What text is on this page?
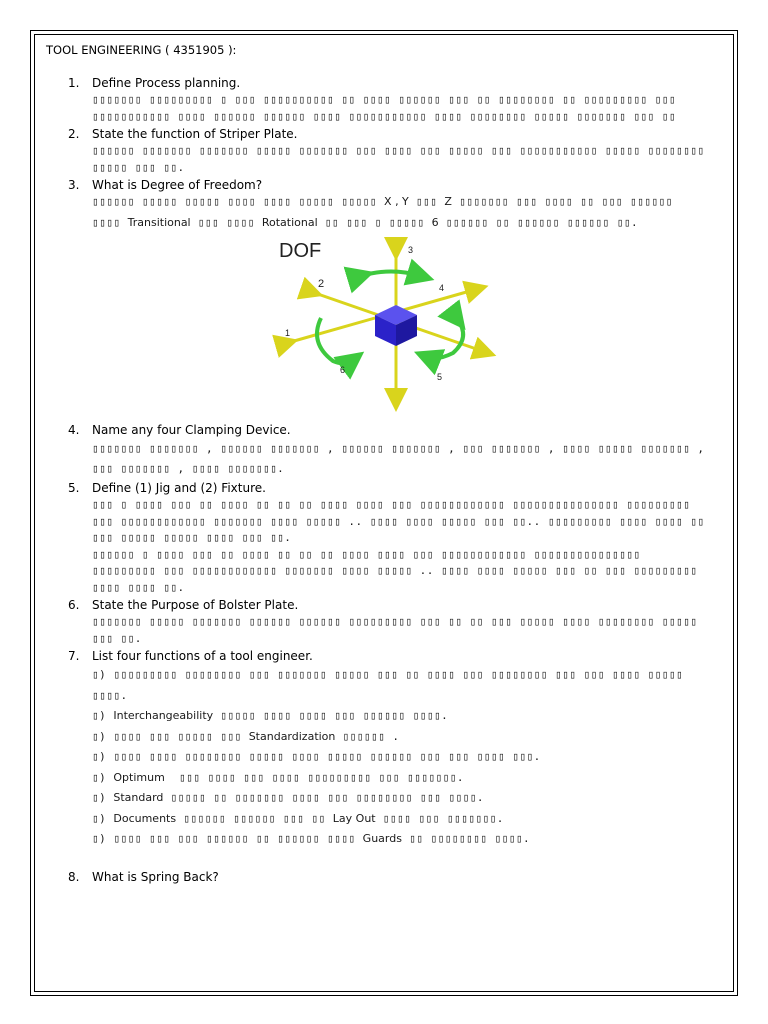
TOOL ENGINEERING ( 4351905 ):
1. Define Process planning.
▯▯▯▯▯▯▯ ▯▯▯▯▯▯▯▯▯ ▯ ▯▯▯ ▯▯▯▯▯▯▯▯▯▯ ▯▯ ▯▯▯▯ ▯▯▯▯▯▯ ▯▯▯ ▯▯ ▯▯▯▯▯▯▯▯ ▯▯ ▯▯▯▯▯▯▯▯▯ ▯▯▯ ▯▯▯▯▯▯▯▯▯▯▯ ▯▯▯▯ ▯▯▯▯▯▯ ▯▯▯▯▯▯ ▯▯▯▯ ▯▯▯▯▯▯▯▯▯▯▯ ▯▯▯▯ ▯▯▯▯▯▯▯▯ ▯▯▯▯▯ ▯▯▯▯▯▯▯ ▯▯▯ ▯▯
2. State the function of Striper Plate.
▯▯▯▯▯▯ ▯▯▯▯▯▯▯ ▯▯▯▯▯▯▯ ▯▯▯▯▯ ▯▯▯▯▯▯▯ ▯▯▯ ▯▯▯▯ ▯▯▯ ▯▯▯▯▯ ▯▯▯ ▯▯▯▯▯▯▯▯▯▯▯ ▯▯▯▯▯ ▯▯▯▯▯▯▯▯ ▯▯▯▯▯ ▯▯▯ ▯▯.
3. What is Degree of Freedom?
▯▯▯▯▯▯ ▯▯▯▯▯ ▯▯▯▯▯ ▯▯▯▯ ▯▯▯▯ ▯▯▯▯▯ ▯▯▯▯▯ X , Y ▯▯▯ Z ▯▯▯▯▯▯▯ ▯▯▯ ▯▯▯▯ ▯▯ ▯▯▯ ▯▯▯▯▯▯
▯▯▯▯ Transitional ▯▯▯ ▯▯▯▯ Rotational ▯▯ ▯▯▯ ▯ ▯▯▯▯▯ 6 ▯▯▯▯▯▯ ▯▯ ▯▯▯▯▯▯ ▯▯▯▯▯▯ ▯▯.
DOF	3
2	4
1
6
5
4. Name any four Clamping Device.
▯▯▯▯▯▯▯ ▯▯▯▯▯▯▯ , ▯▯▯▯▯▯ ▯▯▯▯▯▯▯ , ▯▯▯▯▯▯ ▯▯▯▯▯▯▯ , ▯▯▯ ▯▯▯▯▯▯▯ , ▯▯▯▯ ▯▯▯▯▯ ▯▯▯▯▯▯▯ , ▯▯▯ ▯▯▯▯▯▯▯ , ▯▯▯▯ ▯▯▯▯▯▯▯.
5. Define (1) Jig and (2) Fixture.
▯▯▯ ▯ ▯▯▯▯ ▯▯▯ ▯▯ ▯▯▯▯ ▯▯ ▯▯ ▯▯ ▯▯▯▯ ▯▯▯▯ ▯▯▯ ▯▯▯▯▯▯▯▯▯▯▯▯ ▯▯▯▯▯▯▯▯▯▯▯▯▯▯▯ ▯▯▯▯▯▯▯▯▯ ▯▯▯ ▯▯▯▯▯▯▯▯▯▯▯▯ ▯▯▯▯▯▯▯ ▯▯▯▯ ▯▯▯▯▯ .. ▯▯▯▯ ▯▯▯▯ ▯▯▯▯▯ ▯▯▯ ▯▯.. ▯▯▯▯▯▯▯▯▯ ▯▯▯▯ ▯▯▯▯ ▯▯ ▯▯▯ ▯▯▯▯▯ ▯▯▯▯▯ ▯▯▯▯ ▯▯▯ ▯▯.
▯▯▯▯▯▯ ▯ ▯▯▯▯ ▯▯▯ ▯▯ ▯▯▯▯ ▯▯ ▯▯ ▯▯ ▯▯▯▯ ▯▯▯▯ ▯▯▯ ▯▯▯▯▯▯▯▯▯▯▯▯ ▯▯▯▯▯▯▯▯▯▯▯▯▯▯▯ ▯▯▯▯▯▯▯▯▯ ▯▯▯ ▯▯▯▯▯▯▯▯▯▯▯▯ ▯▯▯▯▯▯▯ ▯▯▯▯ ▯▯▯▯▯ .. ▯▯▯▯ ▯▯▯▯ ▯▯▯▯▯ ▯▯▯ ▯▯ ▯▯▯ ▯▯▯▯▯▯▯▯▯ ▯▯▯▯ ▯▯▯▯ ▯▯.
6. State the Purpose of Bolster Plate.
▯▯▯▯▯▯▯ ▯▯▯▯▯ ▯▯▯▯▯▯▯ ▯▯▯▯▯▯ ▯▯▯▯▯▯ ▯▯▯▯▯▯▯▯▯ ▯▯▯ ▯▯ ▯▯ ▯▯▯ ▯▯▯▯▯ ▯▯▯▯ ▯▯▯▯▯▯▯▯ ▯▯▯▯▯ ▯▯▯ ▯▯.
7. List four functions of a tool engineer.
▯) ▯▯▯▯▯▯▯▯▯ ▯▯▯▯▯▯▯▯ ▯▯▯ ▯▯▯▯▯▯▯ ▯▯▯▯▯ ▯▯▯ ▯▯ ▯▯▯▯ ▯▯▯ ▯▯▯▯▯▯▯▯ ▯▯▯ ▯▯▯ ▯▯▯▯ ▯▯▯▯▯ ▯▯▯▯.
▯) Interchangeability ▯▯▯▯▯ ▯▯▯▯ ▯▯▯▯ ▯▯▯ ▯▯▯▯▯▯ ▯▯▯▯.
▯) ▯▯▯▯ ▯▯▯ ▯▯▯▯▯ ▯▯▯ Standardization ▯▯▯▯▯▯ .
▯) ▯▯▯▯ ▯▯▯▯ ▯▯▯▯▯▯▯▯ ▯▯▯▯▯ ▯▯▯▯ ▯▯▯▯▯ ▯▯▯▯▯▯ ▯▯▯ ▯▯▯ ▯▯▯▯ ▯▯▯.
▯) Optimum  ▯▯▯ ▯▯▯▯ ▯▯▯ ▯▯▯▯ ▯▯▯▯▯▯▯▯▯ ▯▯▯ ▯▯▯▯▯▯▯.
▯) Standard ▯▯▯▯▯ ▯▯ ▯▯▯▯▯▯▯ ▯▯▯▯ ▯▯▯ ▯▯▯▯▯▯▯▯ ▯▯▯ ▯▯▯▯.
▯) Documents ▯▯▯▯▯▯ ▯▯▯▯▯▯ ▯▯▯ ▯▯ Lay Out ▯▯▯▯ ▯▯▯ ▯▯▯▯▯▯▯.
▯) ▯▯▯▯ ▯▯▯ ▯▯▯ ▯▯▯▯▯▯ ▯▯ ▯▯▯▯▯▯ ▯▯▯▯ Guards ▯▯ ▯▯▯▯▯▯▯▯ ▯▯▯▯.
8. What is Spring Back?
